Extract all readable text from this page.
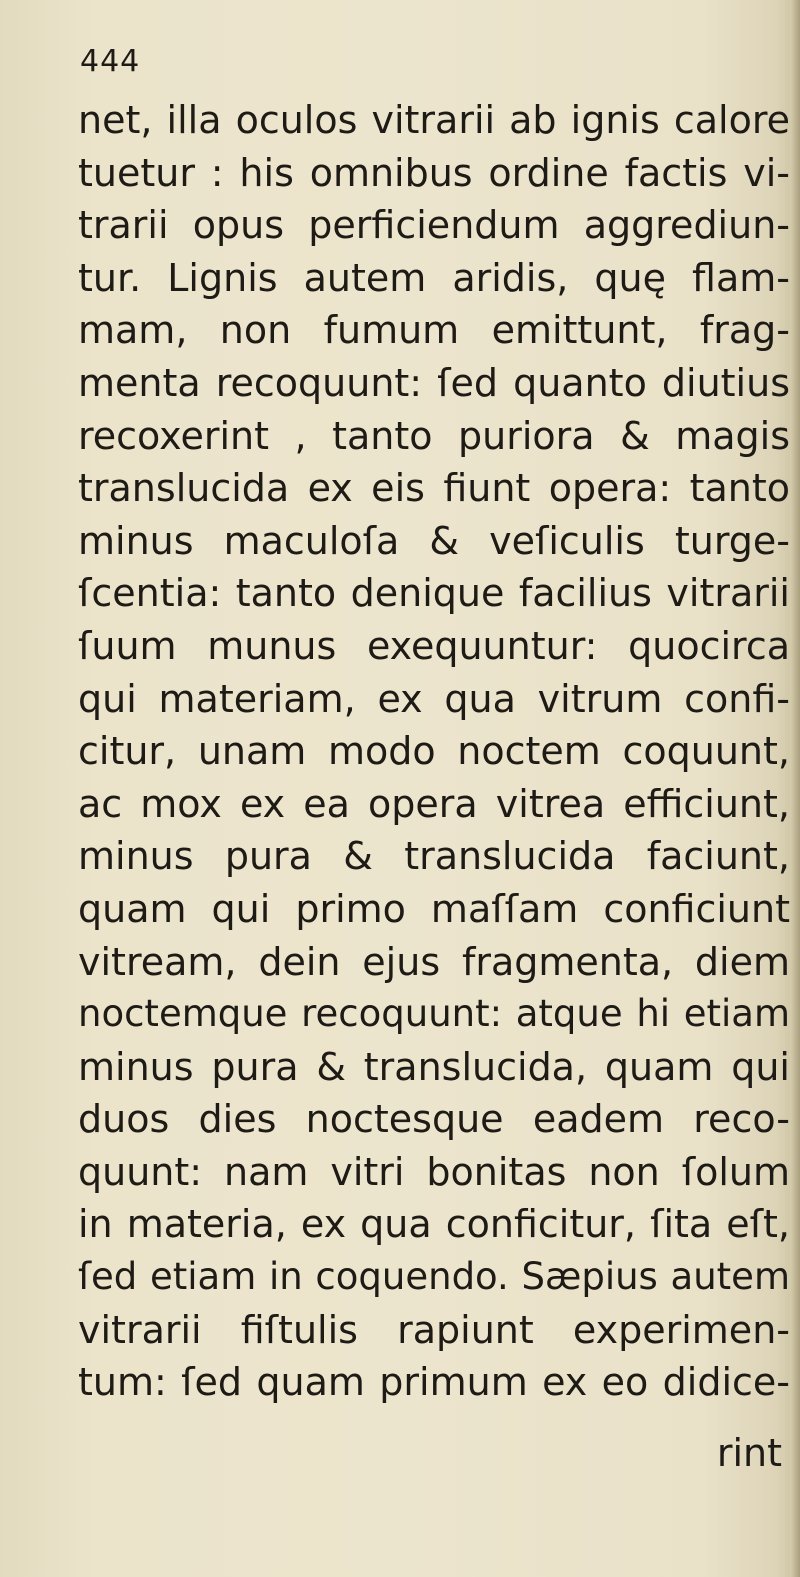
444
net, illa oculos vitrarii ab ignis calore
tuetur : his omnibus ordine factis vi-
trarii opus perficiendum aggrediun-
tur. Lignis autem aridis, quę flam-
mam, non fumum emittunt, frag-
menta recoquunt: ſed quanto diutius
recoxerint , tanto puriora & magis
translucida ex eis fiunt opera: tanto
minus maculoſa & veſiculis turge-
ſcentia: tanto denique facilius vitrarii
ſuum munus exequuntur: quocirca
qui materiam, ex qua vitrum confi-
citur, unam modo noctem coquunt,
ac mox ex ea opera vitrea efficiunt,
minus pura & translucida faciunt,
quam qui primo maſſam conficiunt
vitream, dein ejus fragmenta, diem
noctemque recoquunt: atque hi etiam
minus pura & translucida, quam qui
duos dies noctesque eadem reco-
quunt: nam vitri bonitas non ſolum
in materia, ex qua conficitur, ſita eſt,
ſed etiam in coquendo. Sæpius autem
vitrarii fiſtulis rapiunt experimen-
tum: ſed quam primum ex eo didice-
rint
